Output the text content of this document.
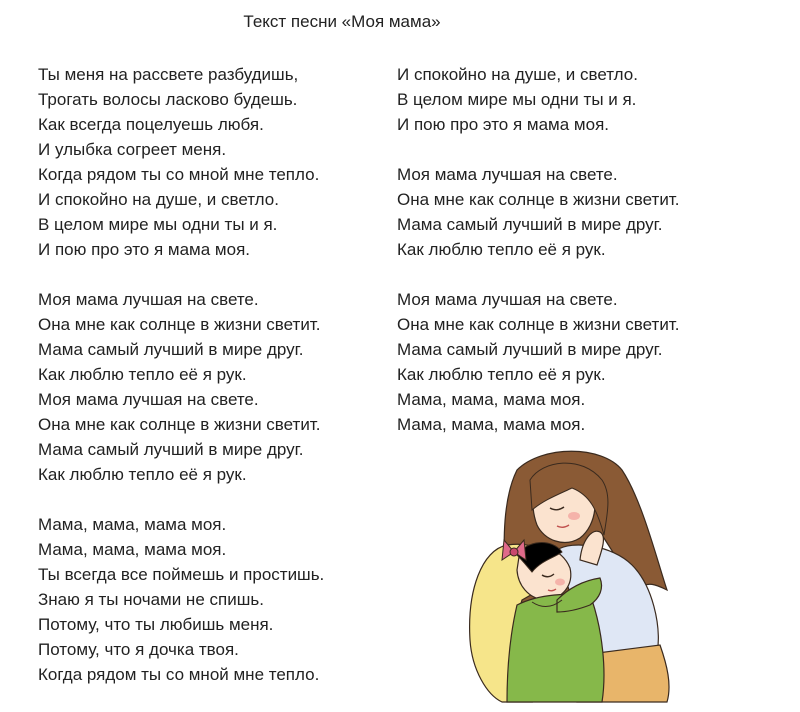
Текст песни «Моя мама»
Ты меня на рассвете разбудишь,
Трогать волосы ласково будешь.
Как всегда поцелуешь любя.
И улыбка согреет меня.
Когда рядом ты со мной мне тепло.
И спокойно на душе, и светло.
В целом мире мы одни ты и я.
И пою про это я мама моя.
Моя мама лучшая на свете.
Она мне как солнце в жизни светит.
Мама самый лучший в мире друг.
Как люблю тепло её я рук.
Моя мама лучшая на свете.
Она мне как солнце в жизни светит.
Мама самый лучший в мире друг.
Как люблю тепло её я рук.
Мама, мама, мама моя.
Мама, мама, мама моя.
Ты всегда все поймешь и простишь.
Знаю я ты ночами не спишь.
Потому, что ты любишь меня.
Потому, что я дочка твоя.
Когда рядом ты со мной мне тепло.
И спокойно на душе, и светло.
В целом мире мы одни ты и я.
И пою про это я мама моя.
Моя мама лучшая на свете.
Она мне как солнце в жизни светит.
Мама самый лучший в мире друг.
Как люблю тепло её я рук.
Моя мама лучшая на свете.
Она мне как солнце в жизни светит.
Мама самый лучший в мире друг.
Как люблю тепло её я рук.
Мама, мама, мама моя.
Мама, мама, мама моя.
